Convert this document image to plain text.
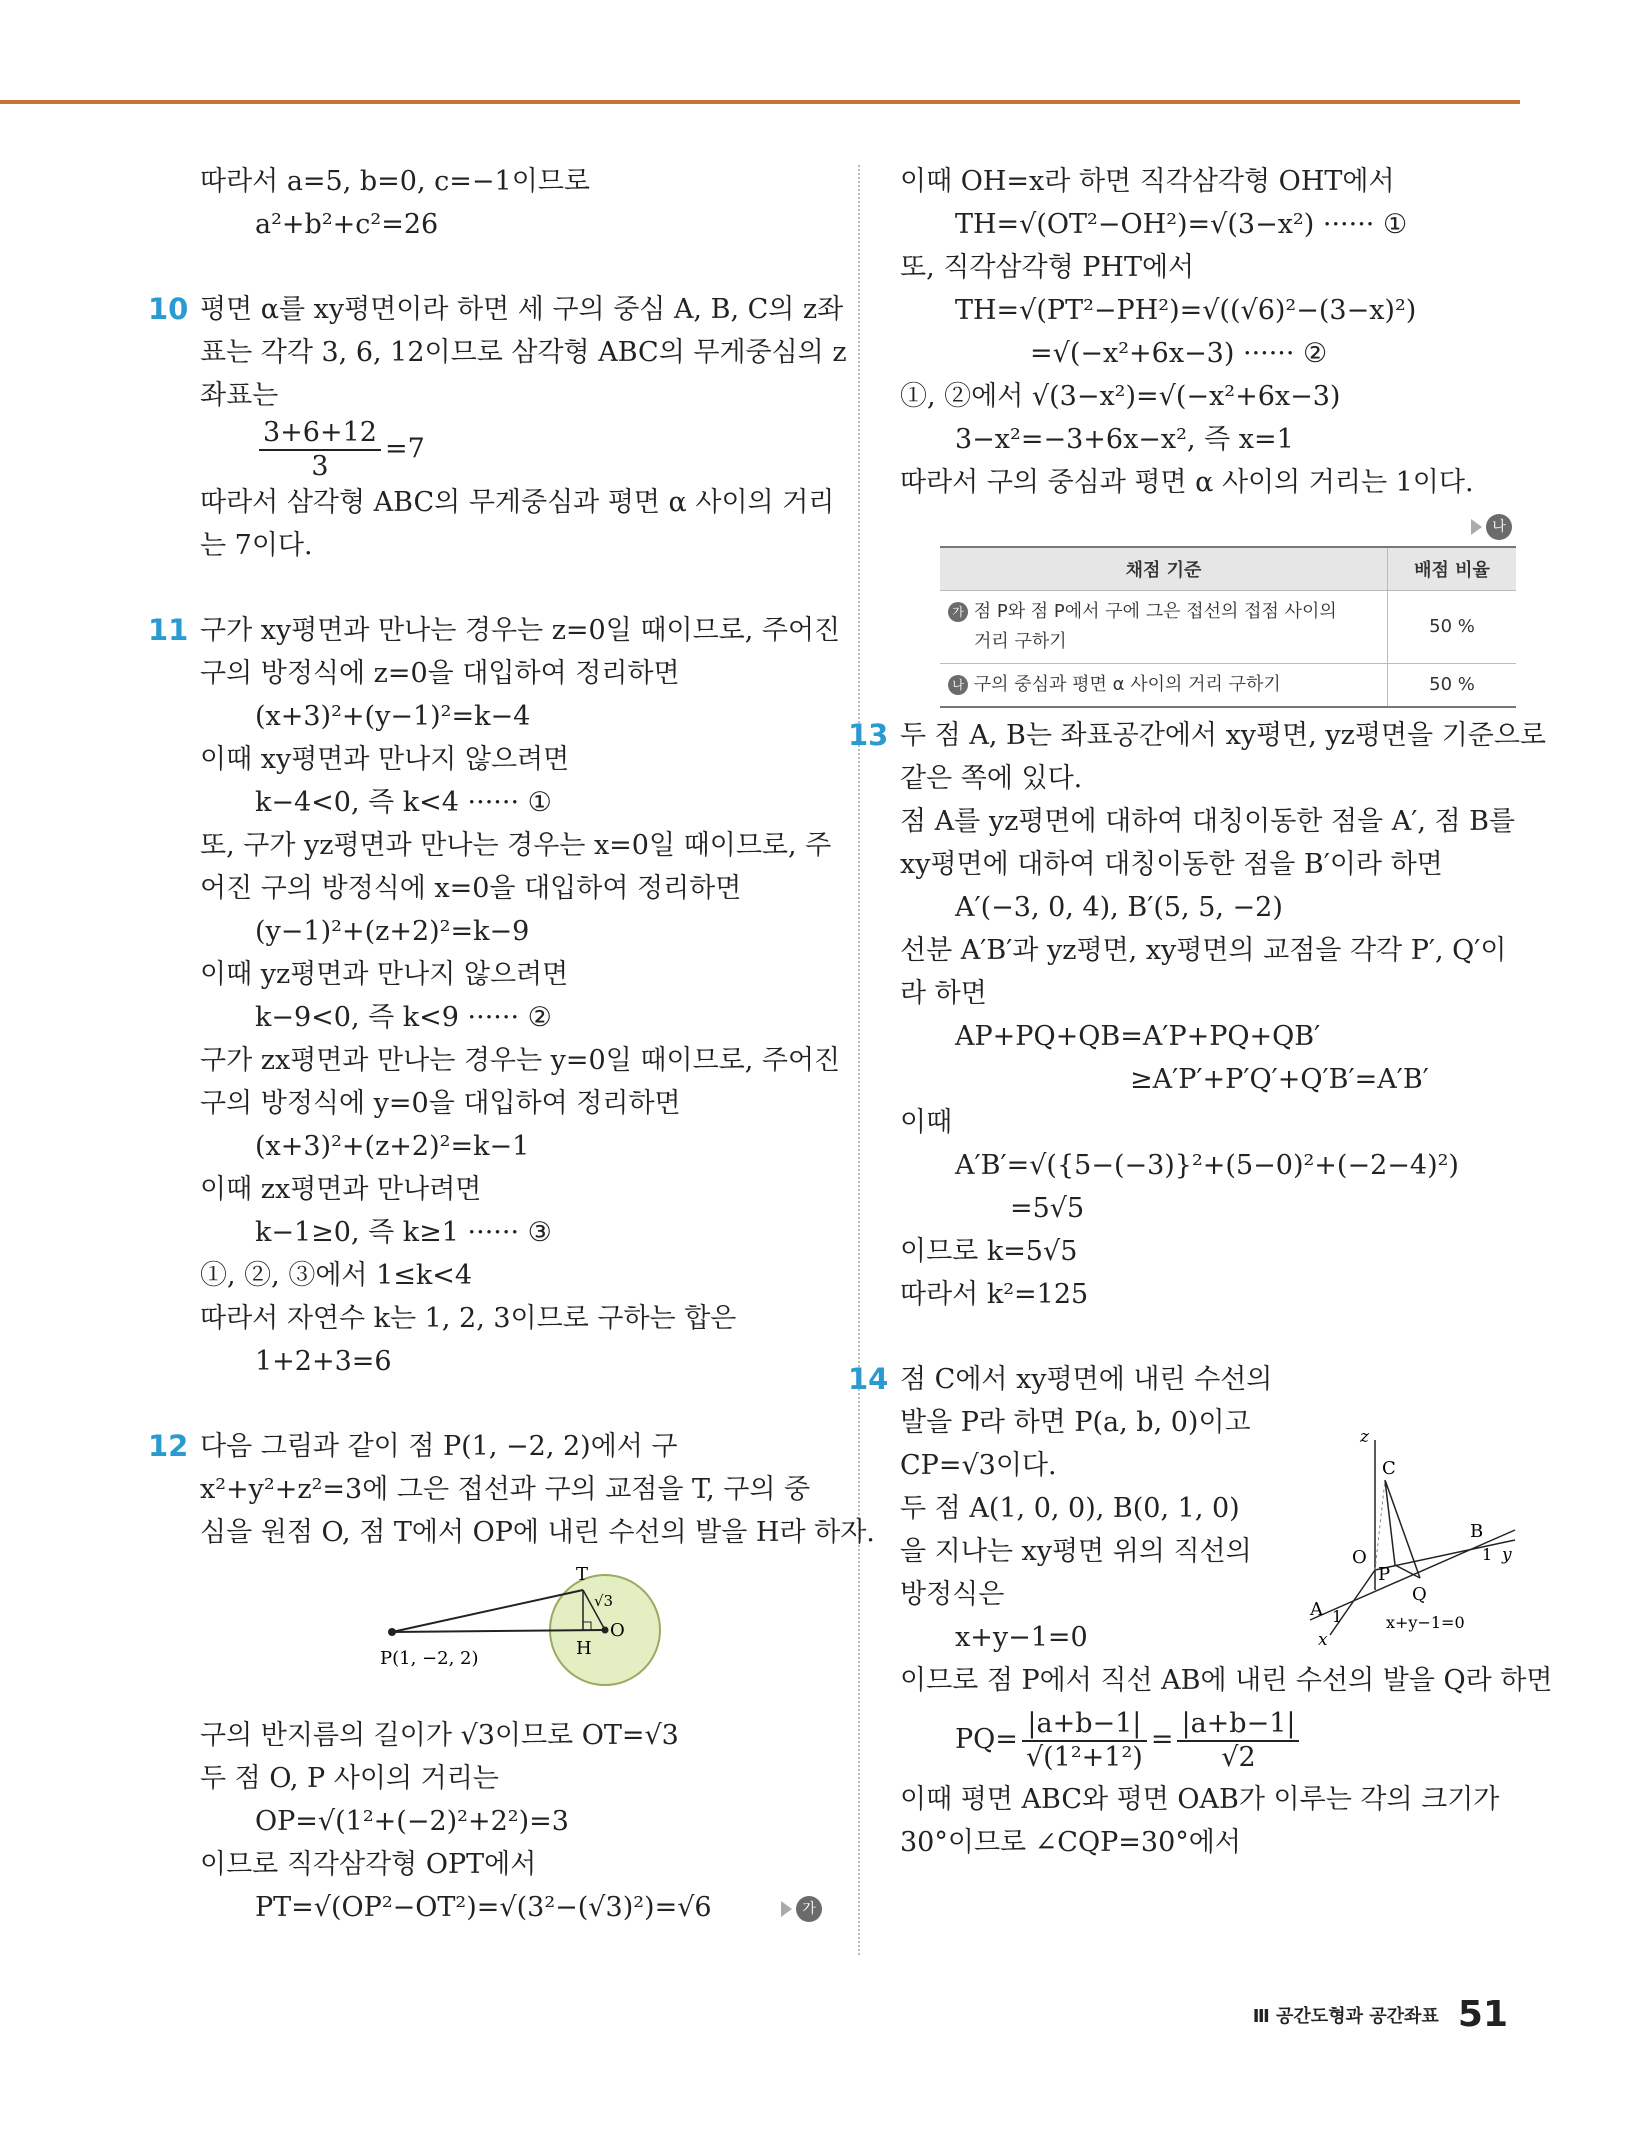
따라서 a=5, b=0, c=−1이므로
a²+b²+c²=26
10 평면 α를 xy평면이라 하면 세 구의 중심 A, B, C의 z좌
표는 각각 3, 6, 12이므로 삼각형 ABC의 무게중심의 z
좌표는
$\frac{3+6+12}{3} =7$
따라서 삼각형 ABC의 무게중심과 평면 α 사이의 거리
는 7이다.
11 구가 xy평면과 만나는 경우는 z=0일 때이므로, 주어진
구의 방정식에 z=0을 대입하여 정리하면
(x+3)²+(y−1)²=k−4
이때 xy평면과 만나지 않으려면
k−4<0, 즉 k<4 ······ ①
또, 구가 yz평면과 만나는 경우는 x=0일 때이므로, 주
어진 구의 방정식에 x=0을 대입하여 정리하면
(y−1)²+(z+2)²=k−9
이때 yz평면과 만나지 않으려면
k−9<0, 즉 k<9 ······ ②
구가 zx평면과 만나는 경우는 y=0일 때이므로, 주어진
구의 방정식에 y=0을 대입하여 정리하면
(x+3)²+(z+2)²=k−1
이때 zx평면과 만나려면
k−1≥0, 즉 k≥1 ······ ③
①, ②, ③에서 1≤k<4
따라서 자연수 k는 1, 2, 3이므로 구하는 합은
1+2+3=6
12 다음 그림과 같이 점 P(1, −2, 2)에서 구
x²+y²+z²=3에 그은 접선과 구의 교점을 T, 구의 중
심을 원점 O, 점 T에서 OP에 내린 수선의 발을 H라 하자.
구의 반지름의 길이가 √3이므로 OT=√3
두 점 O, P 사이의 거리는
OP=√(1²+(−2)²+2²)=3
이므로 직각삼각형 OPT에서
PT=√(OP²−OT²)=√(3²−(√3)²)=√6	가
P(1, −2, 2)
T
O
H
√3
이때 OH=x라 하면 직각삼각형 OHT에서
TH=√(OT²−OH²)=√(3−x²) ······ ①
또, 직각삼각형 PHT에서
TH=√(PT²−PH²)=√((√6)²−(3−x)²)
=√(−x²+6x−3) ······ ②
①, ②에서 √(3−x²)=√(−x²+6x−3)
3−x²=−3+6x−x², 즉 x=1
따라서 구의 중심과 평면 α 사이의 거리는 1이다.
나
13 두 점 A, B는 좌표공간에서 xy평면, yz평면을 기준으로
같은 쪽에 있다.
점 A를 yz평면에 대하여 대칭이동한 점을 A′, 점 B를
xy평면에 대하여 대칭이동한 점을 B′이라 하면
A′(−3, 0, 4), B′(5, 5, −2)
선분 A′B′과 yz평면, xy평면의 교점을 각각 P′, Q′이
라 하면
AP+PQ+QB=A′P+PQ+QB′
≥A′P′+P′Q′+Q′B′=A′B′
이때
A′B′=√({5−(−3)}²+(5−0)²+(−2−4)²)
=5√5
이므로 k=5√5
따라서 k²=125
14 점 C에서 xy평면에 내린 수선의
발을 P라 하면 P(a, b, 0)이고
CP=√3이다.
두 점 A(1, 0, 0), B(0, 1, 0)
을 지나는 xy평면 위의 직선의
방정식은
x+y−1=0
이므로 점 P에서 직선 AB에 내린 수선의 발을 Q라 하면
$PQ= \frac{|a+b-1|}{\text{√(1²+1²)}} = \frac{|a+b-1|}{√2}$
이때 평면 ABC와 평면 OAB가 이루는 각의 크기가
30°이므로 ∠CQP=30°에서
채점 기준	배점 비율
가 점 P와 점 P에서 구에 그은 접선의 접점 사이의
거리 구하기	50 %
나 구의 중심과 평면 α 사이의 거리 구하기	50 %
z
C
O
B
1 y
P
Q
A 1
x
x+y−1=0
Ⅲ 공간도형과 공간좌표 51
